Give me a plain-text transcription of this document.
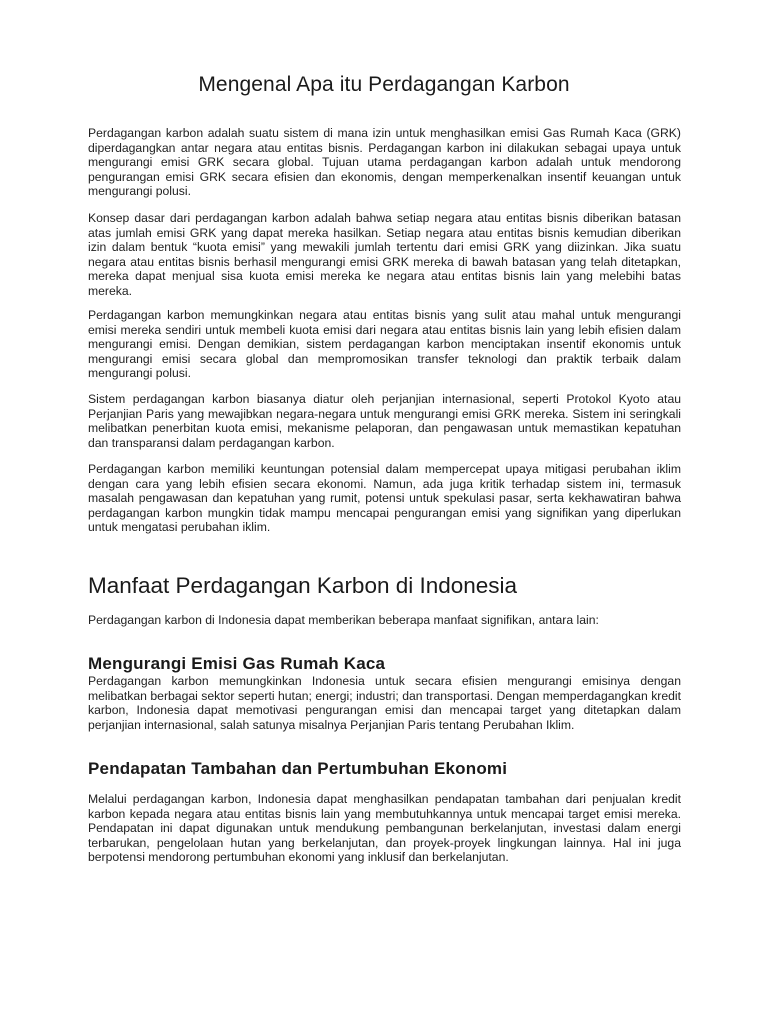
Mengenal Apa itu Perdagangan Karbon

Perdagangan karbon adalah suatu sistem di mana izin untuk menghasilkan emisi Gas Rumah Kaca (GRK) diperdagangkan antar negara atau entitas bisnis. Perdagangan karbon ini dilakukan sebagai upaya untuk mengurangi emisi GRK secara global. Tujuan utama perdagangan karbon adalah untuk mendorong pengurangan emisi GRK secara efisien dan ekonomis, dengan memperkenalkan insentif keuangan untuk mengurangi polusi.

Konsep dasar dari perdagangan karbon adalah bahwa setiap negara atau entitas bisnis diberikan batasan atas jumlah emisi GRK yang dapat mereka hasilkan. Setiap negara atau entitas bisnis kemudian diberikan izin dalam bentuk “kuota emisi” yang mewakili jumlah tertentu dari emisi GRK yang diizinkan. Jika suatu negara atau entitas bisnis berhasil mengurangi emisi GRK mereka di bawah batasan yang telah ditetapkan, mereka dapat menjual sisa kuota emisi mereka ke negara atau entitas bisnis lain yang melebihi batas mereka.

Perdagangan karbon memungkinkan negara atau entitas bisnis yang sulit atau mahal untuk mengurangi emisi mereka sendiri untuk membeli kuota emisi dari negara atau entitas bisnis lain yang lebih efisien dalam mengurangi emisi. Dengan demikian, sistem perdagangan karbon menciptakan insentif ekonomis untuk mengurangi emisi secara global dan mempromosikan transfer teknologi dan praktik terbaik dalam mengurangi polusi.

Sistem perdagangan karbon biasanya diatur oleh perjanjian internasional, seperti Protokol Kyoto atau Perjanjian Paris yang mewajibkan negara-negara untuk mengurangi emisi GRK mereka. Sistem ini seringkali melibatkan penerbitan kuota emisi, mekanisme pelaporan, dan pengawasan untuk memastikan kepatuhan dan transparansi dalam perdagangan karbon.

Perdagangan karbon memiliki keuntungan potensial dalam mempercepat upaya mitigasi perubahan iklim dengan cara yang lebih efisien secara ekonomi. Namun, ada juga kritik terhadap sistem ini, termasuk masalah pengawasan dan kepatuhan yang rumit, potensi untuk spekulasi pasar, serta kekhawatiran bahwa perdagangan karbon mungkin tidak mampu mencapai pengurangan emisi yang signifikan yang diperlukan untuk mengatasi perubahan iklim.

Manfaat Perdagangan Karbon di Indonesia

Perdagangan karbon di Indonesia dapat memberikan beberapa manfaat signifikan, antara lain:

Mengurangi Emisi Gas Rumah Kaca

Perdagangan karbon memungkinkan Indonesia untuk secara efisien mengurangi emisinya dengan melibatkan berbagai sektor seperti hutan; energi; industri; dan transportasi. Dengan memperdagangkan kredit karbon, Indonesia dapat memotivasi pengurangan emisi dan mencapai target yang ditetapkan dalam perjanjian internasional, salah satunya misalnya Perjanjian Paris tentang Perubahan Iklim.

Pendapatan Tambahan dan Pertumbuhan Ekonomi

Melalui perdagangan karbon, Indonesia dapat menghasilkan pendapatan tambahan dari penjualan kredit karbon kepada negara atau entitas bisnis lain yang membutuhkannya untuk mencapai target emisi mereka. Pendapatan ini dapat digunakan untuk mendukung pembangunan berkelanjutan, investasi dalam energi terbarukan, pengelolaan hutan yang berkelanjutan, dan proyek-proyek lingkungan lainnya. Hal ini juga berpotensi mendorong pertumbuhan ekonomi yang inklusif dan berkelanjutan.
